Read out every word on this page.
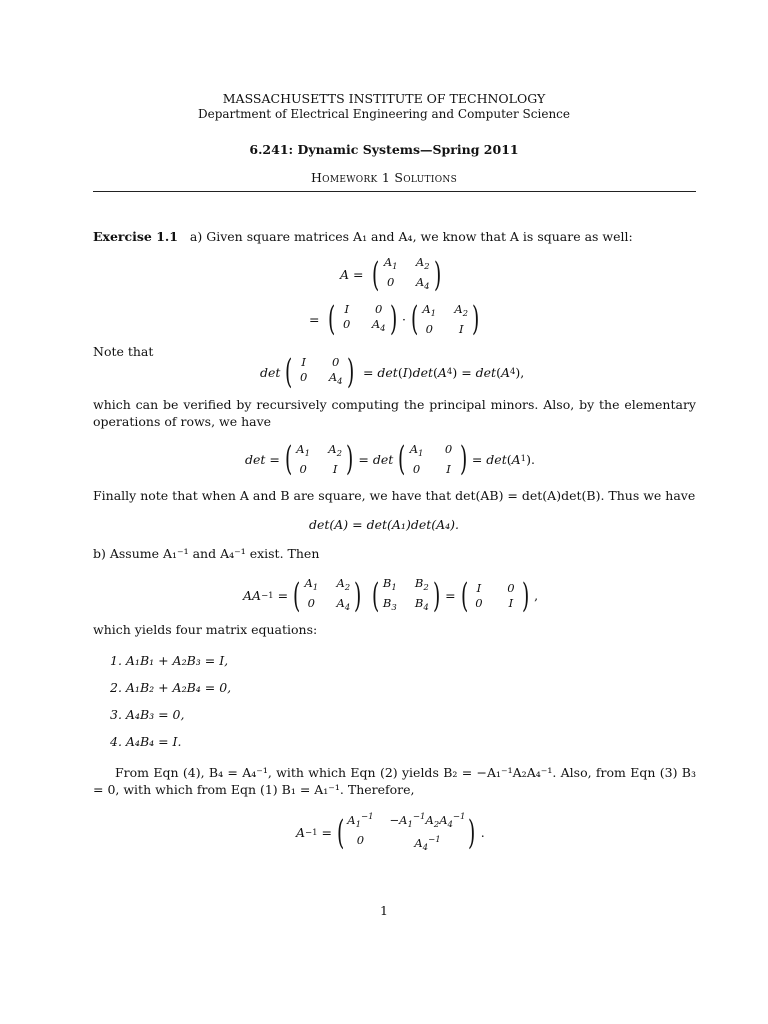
MASSACHUSETTS INSTITUTE OF TECHNOLOGY
Department of Electrical Engineering and Computer Science
6.241: Dynamic Systems—Spring 2011
Homework 1 Solutions
Exercise 1.1 a) Given square matrices A₁ and A₄, we know that A is square as well:
A = ( $A_1$ $A_2$
0	$A_4$ )
= ( I	0
0	$A_4$ ) · ( $A_1$ $A_2$
0	I )
Note that
det ( I	0
0	$A_4$ ) = det ( I ) det ( A 4 ) = det ( A 4 ),
which can be verified by recursively computing the principal minors. Also, by the elementary operations of rows, we have
det = ( $A_1$ $A_2$
0	I ) = det ( $A_1$	0
0	I ) = det ( A 1 ).
Finally note that when A and B are square, we have that det(AB) = det(A)det(B). Thus we have
det(A) = det(A₁)det(A₄).
b) Assume A₁⁻¹ and A₄⁻¹ exist. Then
AA −1 = ( $A_1$ $A_2$
0	$A_4$ ) ( $B_1$ $B_2$
$B_3$ $B_4$ ) = ( I	0
0	I ) ,
which yields four matrix equations:
1. A₁B₁ + A₂B₃ = I,
2. A₁B₂ + A₂B₄ = 0,
3. A₄B₃ = 0,
4. A₄B₄ = I.
From Eqn (4), B₄ = A₄⁻¹, with which Eqn (2) yields B₂ = −A₁⁻¹A₂A₄⁻¹. Also, from Eqn (3) B₃ = 0, with which from Eqn (1) B₁ = A₁⁻¹. Therefore,
A −1 = ( $A_1^{-1} -A_1^{-1}A_2A_4^{-1}$
0	$A_4^{-1}$ ) .
1
